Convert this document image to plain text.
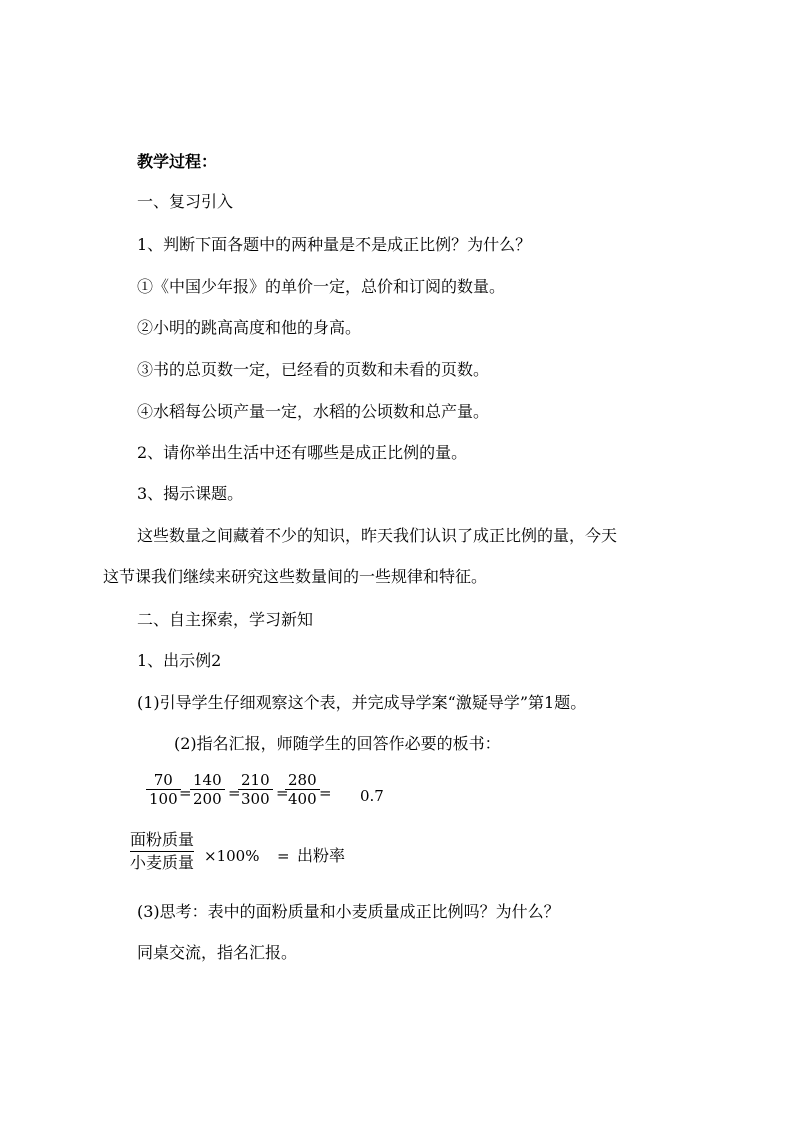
教学过程：
一、复习引入
1、判断下面各题中的两种量是不是成正比例？为什么？
①《中国少年报》的单价一定，总价和订阅的数量。
②小明的跳高高度和他的身高。
③书的总页数一定，已经看的页数和未看的页数。
④水稻每公顷产量一定，水稻的公顷数和总产量。
2、请你举出生活中还有哪些是成正比例的量。
3、揭示课题。
这些数量之间藏着不少的知识，昨天我们认识了成正比例的量，今天
这节课我们继续来研究这些数量间的一些规律和特征。
二、自主探索，学习新知
1、出示例2
(1)引导学生仔细观察这个表，并完成导学案“激疑导学”第1题。
(2)指名汇报，师随学生的回答作必要的板书：
70
100 =
140
200 =
210
300 =
280
400 = 0.7
面粉质量
小麦质量 ×100% = 出粉率
(3)思考：表中的面粉质量和小麦质量成正比例吗？为什么？
同桌交流，指名汇报。
